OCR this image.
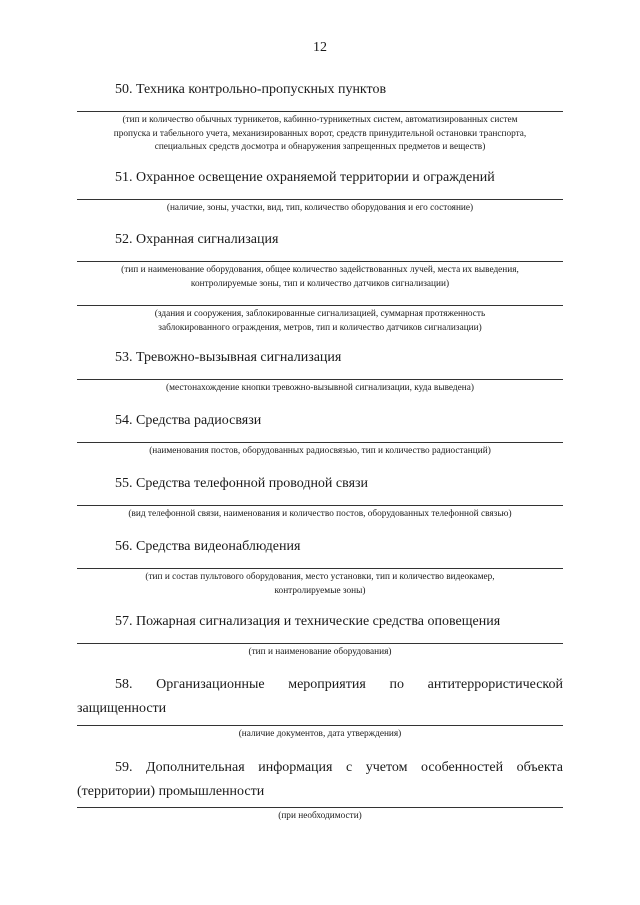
12
50. Техника контрольно-пропускных пунктов
(тип и количество обычных турникетов, кабинно-турникетных систем, автоматизированных систем
пропуска и табельного учета, механизированных ворот, средств принудительной остановки транспорта,
специальных средств досмотра и обнаружения запрещенных предметов и веществ)
51. Охранное освещение охраняемой территории и ограждений
(наличие, зоны, участки, вид, тип, количество оборудования и его состояние)
52. Охранная сигнализация
(тип и наименование оборудования, общее количество задействованных лучей, места их выведения,
контролируемые зоны, тип и количество датчиков сигнализации)
(здания и сооружения, заблокированные сигнализацией, суммарная протяженность
заблокированного ограждения, метров, тип и количество датчиков сигнализации)
53. Тревожно-вызывная сигнализация
(местонахождение кнопки тревожно-вызывной сигнализации, куда выведена)
54. Средства радиосвязи
(наименования постов, оборудованных радиосвязью, тип и количество радиостанций)
55. Средства телефонной проводной связи
(вид телефонной связи, наименования и количество постов, оборудованных телефонной связью)
56. Средства видеонаблюдения
(тип и состав пультового оборудования, место установки, тип и количество видеокамер,
контролируемые зоны)
57. Пожарная сигнализация и технические средства оповещения
(тип и наименование оборудования)
58. Организационные мероприятия по антитеррористической защищенности
(наличие документов, дата утверждения)
59. Дополнительная информация с учетом особенностей объекта (территории) промышленности
(при необходимости)
